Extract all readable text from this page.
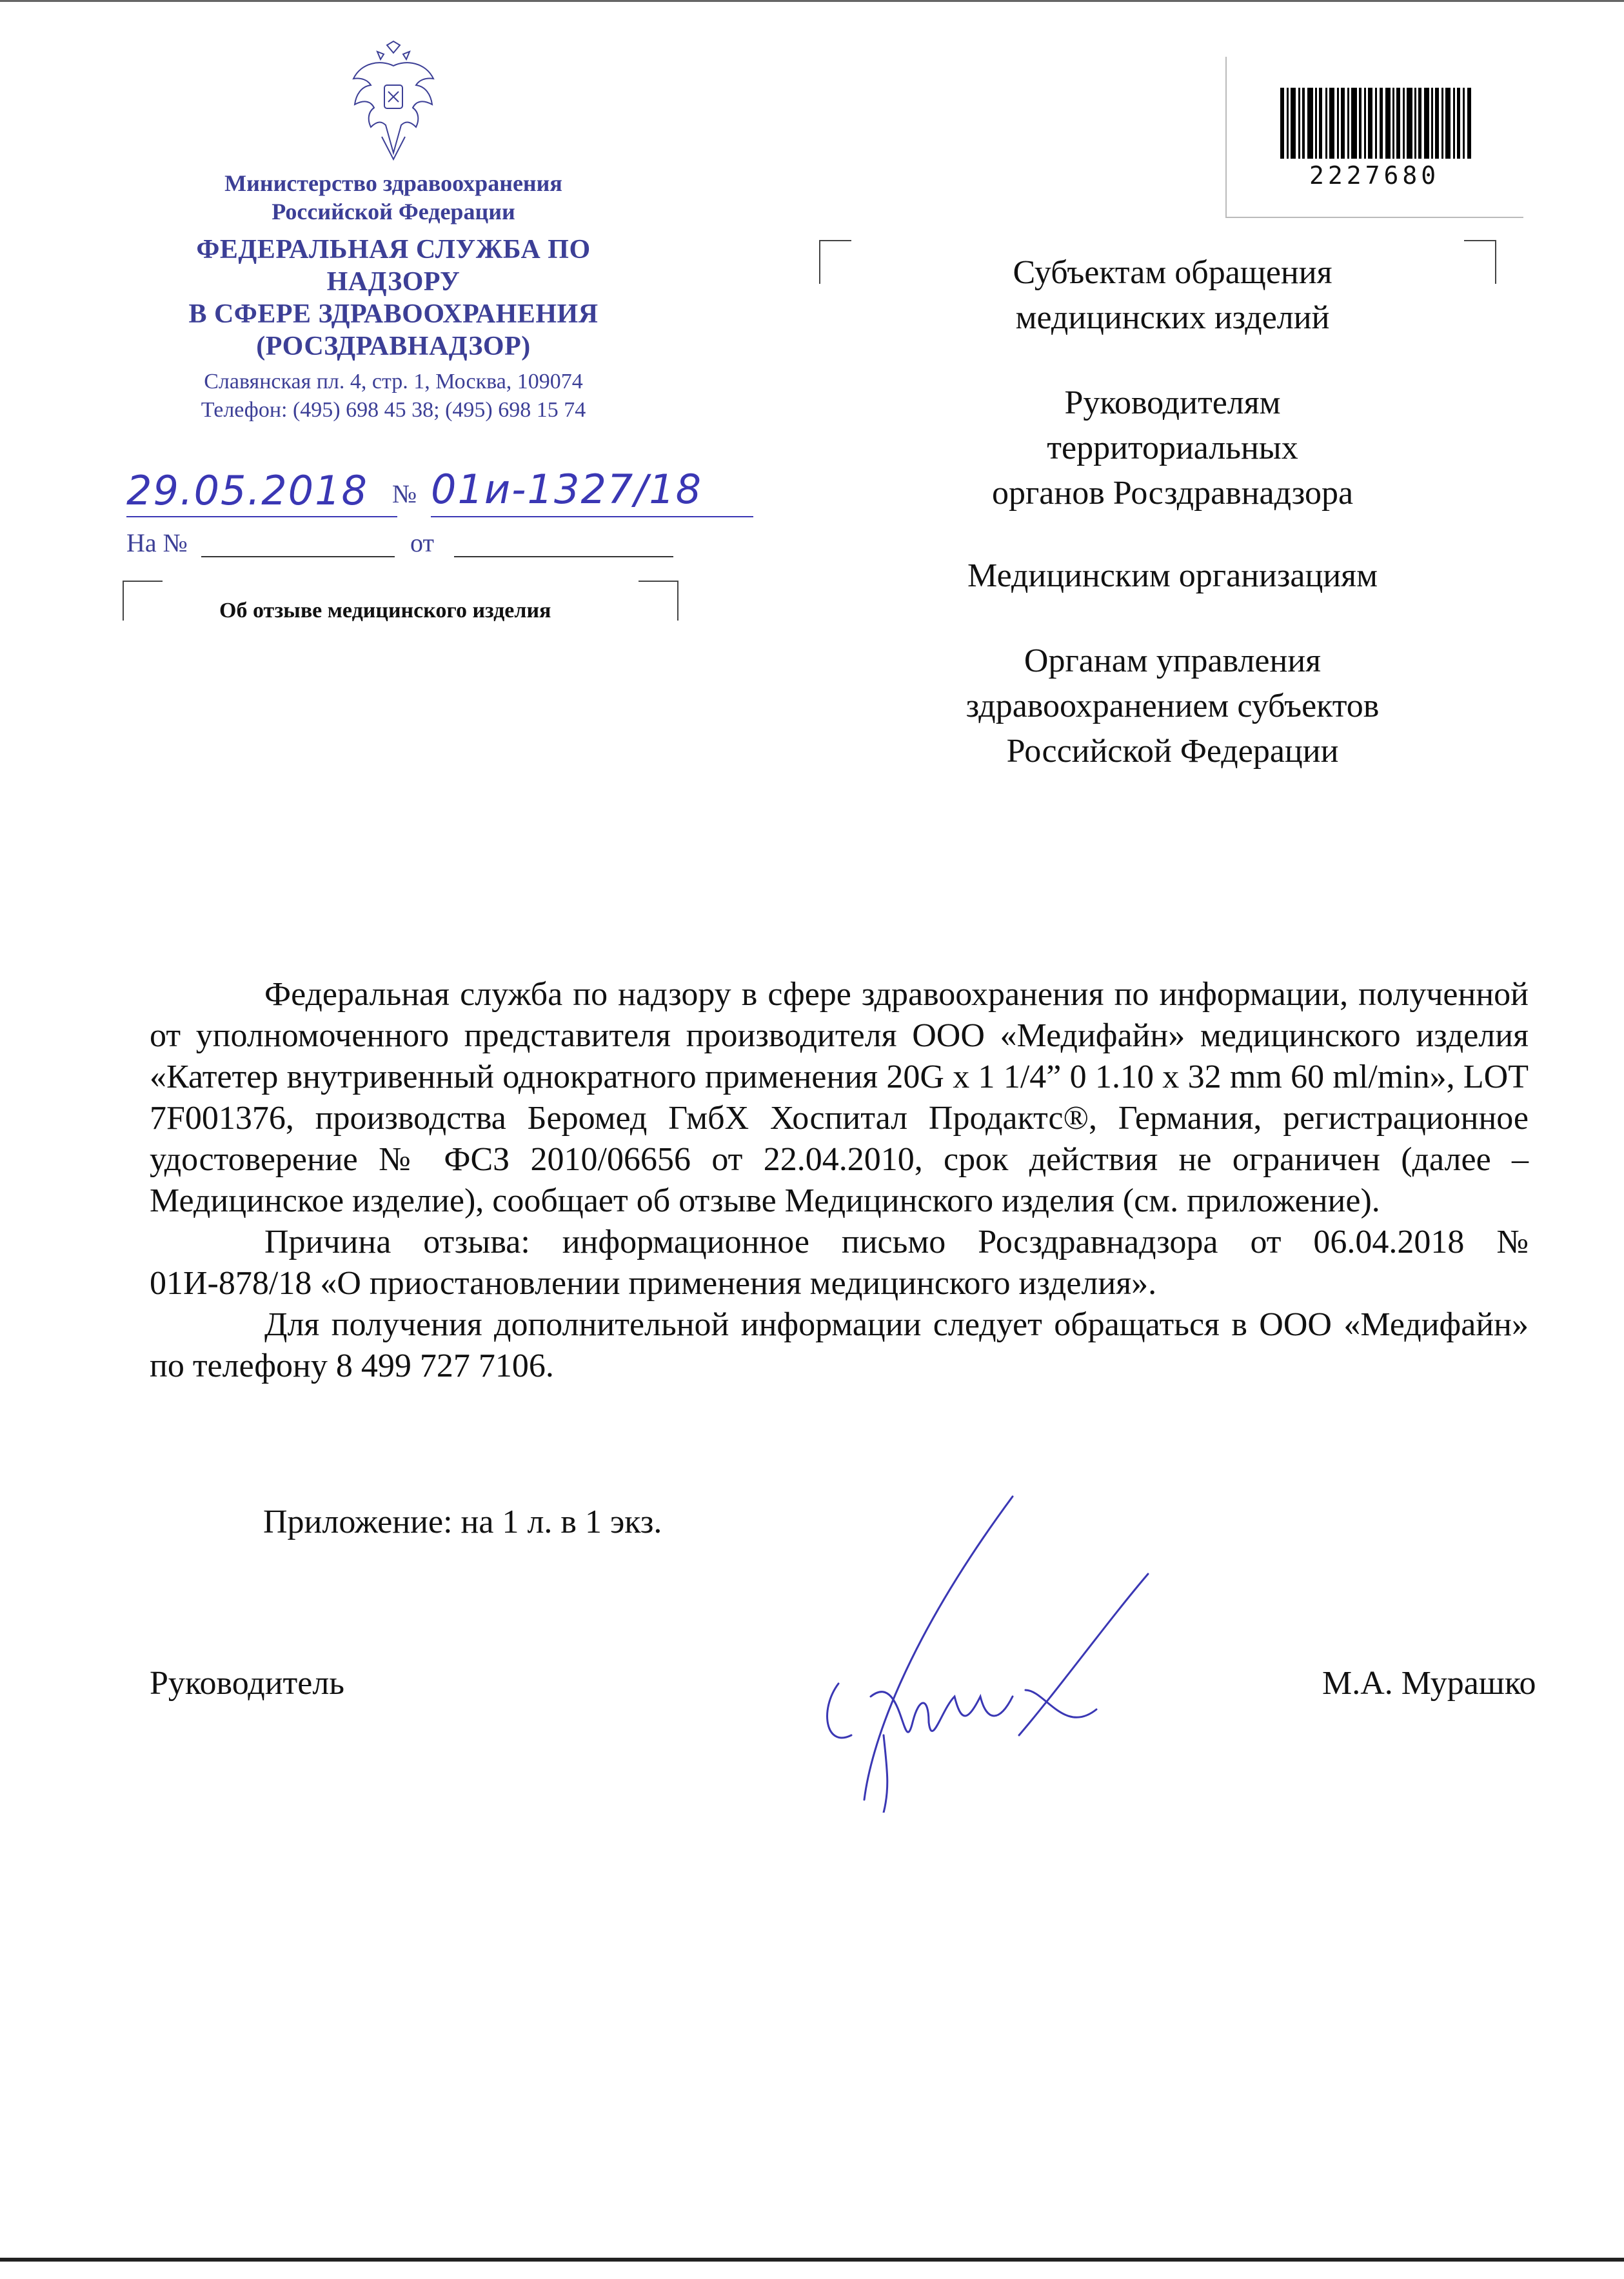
Министерство здравоохранения
Российской Федерации
ФЕДЕРАЛЬНАЯ СЛУЖБА ПО НАДЗОРУ
В СФЕРЕ ЗДРАВООХРАНЕНИЯ
(РОСЗДРАВНАДЗОР)
Славянская пл. 4, стр. 1, Москва, 109074
Телефон: (495) 698 45 38; (495) 698 15 74
29.05.2018 № 01и-1327/18
На №	от
Об отзыве медицинского изделия
2227680
Субъектам обращения
медицинских изделий
Руководителям
территориальных
органов Росздравнадзора
Медицинским организациям
Органам управления
здравоохранением субъектов
Российской Федерации

Федеральная служба по надзору в сфере здравоохранения по информации, полученной от уполномоченного представителя производителя ООО «Медифайн» медицинского изделия «Катетер внутривенный однократного применения 20G x 1 1/4” 0 1.10 x 32 mm 60 ml/min», LOT 7F001376, производства Беромед ГмбХ Хоспитал Продактс®, Германия, регистрационное удостоверение № ФСЗ 2010/06656 от 22.04.2010, срок действия не ограничен (далее – Медицинское изделие), сообщает об отзыве Медицинского изделия (см. приложение).

Причина отзыва: информационное письмо Росздравнадзора от 06.04.2018 № 01И-878/18 «О приостановлении применения медицинского изделия».

Для получения дополнительной информации следует обращаться в ООО «Медифайн» по телефону 8 499 727 7106.

Приложение: на 1 л. в 1 экз.
Руководитель	М.А. Мурашко
